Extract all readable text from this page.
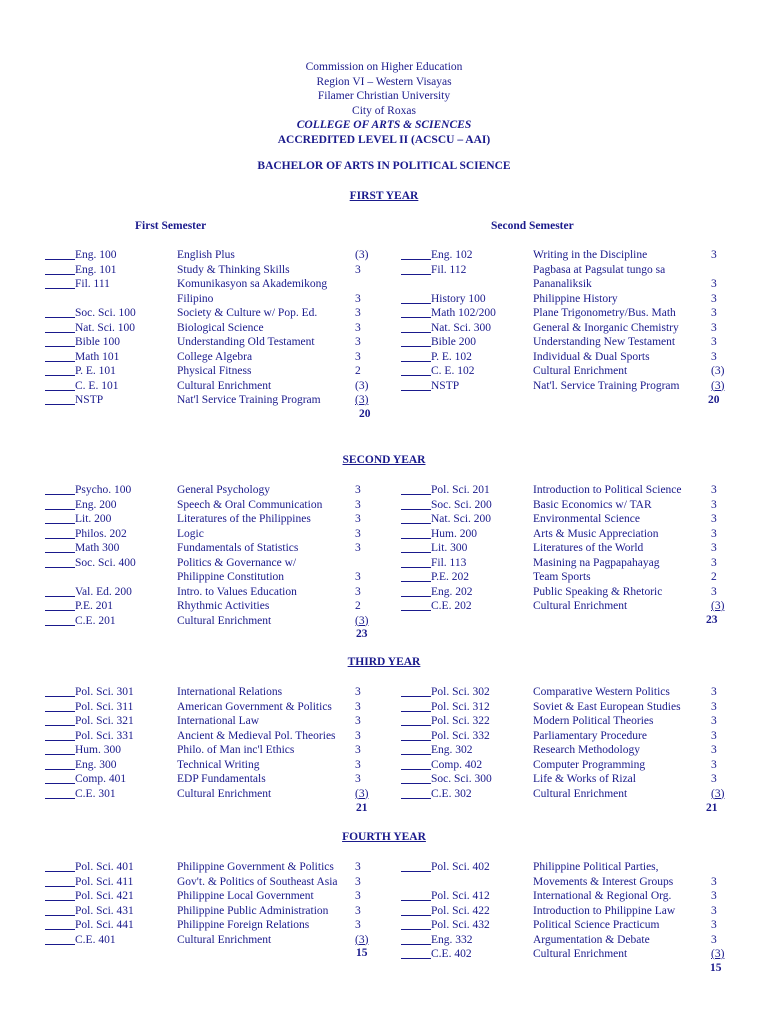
Commission on Higher Education
Region VI – Western Visayas
Filamer Christian University
City of Roxas
COLLEGE OF ARTS & SCIENCES
ACCREDITED LEVEL II (ACSCU – AAI)
BACHELOR OF ARTS IN POLITICAL SCIENCE
First Semester	Second Semester
FIRST YEAR
Eng. 100	English Plus	(3)
Eng. 101	Study & Thinking Skills	3
Fil. 111	Komunikasyon sa Akademikong
Filipino	3
Soc. Sci. 100	Society & Culture w/ Pop. Ed.	3
Nat. Sci. 100	Biological Science	3
Bible 100	Understanding Old Testament	3
Math 101	College Algebra	3
P. E. 101	Physical Fitness	2
C. E. 101	Cultural Enrichment	(3)
NSTP	Nat'l Service Training Program	(3)
Eng. 102	Writing in the Discipline	3
Fil. 112	Pagbasa at Pagsulat tungo sa
Pananaliksik	3
History 100	Philippine History	3
Math 102/200	Plane Trigonometry/Bus. Math	3
Nat. Sci. 300	General & Inorganic Chemistry	3
Bible 200	Understanding New Testament	3
P. E. 102	Individual & Dual Sports	3
C. E. 102	Cultural Enrichment	(3)
NSTP	Nat'l. Service Training Program	(3)
20
20
SECOND YEAR
Psycho. 100	General Psychology	3
Eng. 200	Speech & Oral Communication	3
Lit. 200	Literatures of the Philippines	3
Philos. 202	Logic	3
Math 300	Fundamentals of Statistics	3
Soc. Sci. 400	Politics & Governance w/
Philippine Constitution	3
Val. Ed. 200	Intro. to Values Education	3
P.E. 201	Rhythmic Activities	2
C.E. 201	Cultural Enrichment	(3)
Pol. Sci. 201	Introduction to Political Science	3
Soc. Sci. 200	Basic Economics w/ TAR	3
Nat. Sci. 200	Environmental Science	3
Hum. 200	Arts & Music Appreciation	3
Lit. 300	Literatures of the World	3
Fil. 113	Masining na Pagpapahayag	3
P.E. 202	Team Sports	2
Eng. 202	Public Speaking & Rhetoric	3
C.E. 202	Cultural Enrichment	(3)
23
23
THIRD YEAR
Pol. Sci. 301	International Relations	3
Pol. Sci. 311	American Government & Politics 3
Pol. Sci. 321	International Law	3
Pol. Sci. 331	Ancient & Medieval Pol. Theories 3
Hum. 300	Philo. of Man inc'l Ethics	3
Eng. 300	Technical Writing	3
Comp. 401	EDP Fundamentals	3
C.E. 301	Cultural Enrichment	(3)
Pol. Sci. 302	Comparative Western Politics	3
Pol. Sci. 312	Soviet & East European Studies	3
Pol. Sci. 322	Modern Political Theories	3
Pol. Sci. 332	Parliamentary Procedure	3
Eng. 302	Research Methodology	3
Comp. 402	Computer Programming	3
Soc. Sci. 300	Life & Works of Rizal	3
C.E. 302	Cultural Enrichment	(3)
21	21
FOURTH YEAR
Pol. Sci. 401	Philippine Government & Politics 3
Pol. Sci. 411	Gov't. & Politics of Southeast Asia 3
Pol. Sci. 421	Philippine Local Government	3
Pol. Sci. 431	Philippine Public Administration 3
Pol. Sci. 441	Philippine Foreign Relations	3
C.E. 401	Cultural Enrichment	(3)
Pol. Sci. 402	Philippine Political Parties,
Movements & Interest Groups	3
Pol. Sci. 412	International & Regional Org.	3
Pol. Sci. 422	Introduction to Philippine Law	3
Pol. Sci. 432	Political Science Practicum	3
Eng. 332	Argumentation & Debate	3
C.E. 402	Cultural Enrichment	(3)
15
15
